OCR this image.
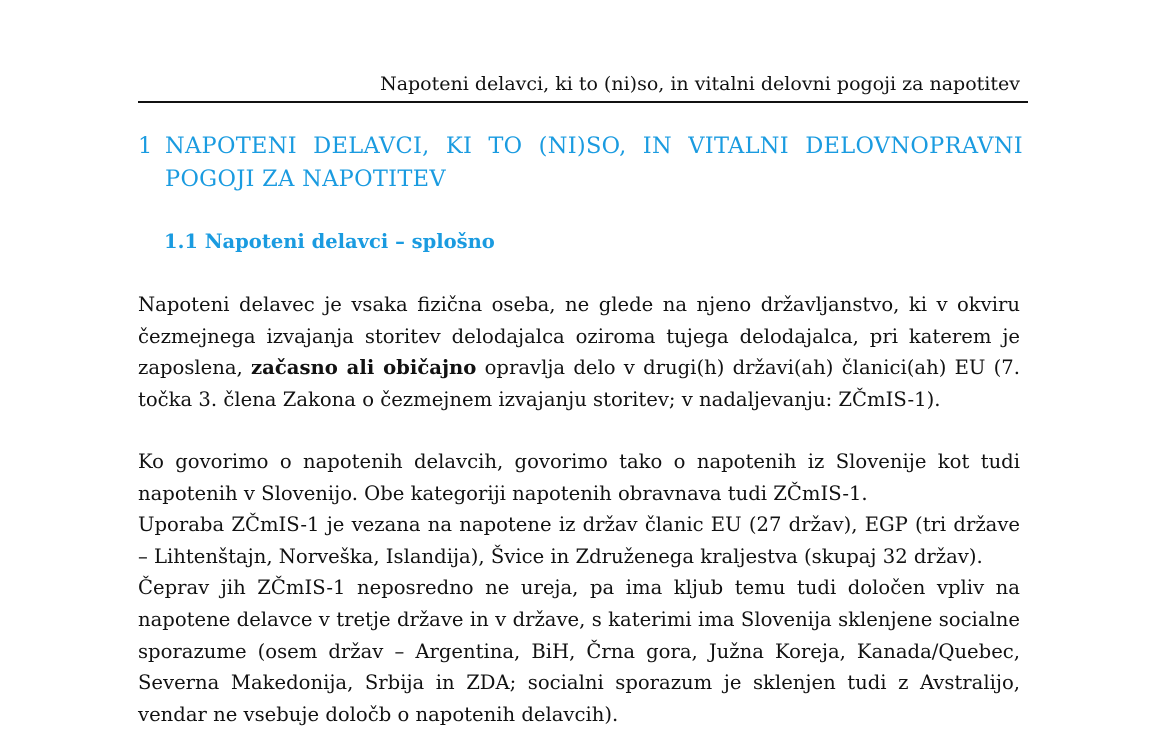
Napoteni delavci, ki to (ni)so, in vitalni delovni pogoji za napotitev
1 NAPOTENI DELAVCI, KI TO (NI)SO, IN VITALNI DELOVNOPRAVNI POGOJI ZA NAPOTITEV
1.1 Napoteni delavci – splošno

Napoteni delavec je vsaka fizična oseba, ne glede na njeno državljanstvo, ki v okviru čezmejnega izvajanja storitev delodajalca oziroma tujega delodajalca, pri katerem je zaposlena, začasno ali običajno opravlja delo v drugi(h) državi(ah) članici(ah) EU (7. točka 3. člena Zakona o čezmejnem izvajanju storitev; v nadaljevanju: ZČmIS-1).

Ko govorimo o napotenih delavcih, govorimo tako o napotenih iz Slovenije kot tudi napotenih v Slovenijo. Obe kategoriji napotenih obravnava tudi ZČmIS-1.

Uporaba ZČmIS-1 je vezana na napotene iz držav članic EU (27 držav), EGP (tri države – Lihtenštajn, Norveška, Islandija), Švice in Združenega kraljestva (skupaj 32 držav).

Čeprav jih ZČmIS-1 neposredno ne ureja, pa ima kljub temu tudi določen vpliv na napotene delavce v tretje države in v države, s katerimi ima Slovenija sklenjene socialne sporazume (osem držav – Argentina, BiH, Črna gora, Južna Koreja, Kanada/Quebec, Severna Makedonija, Srbija in ZDA; socialni sporazum je sklenjen tudi z Avstralijo, vendar ne vsebuje določb o napotenih delavcih).
